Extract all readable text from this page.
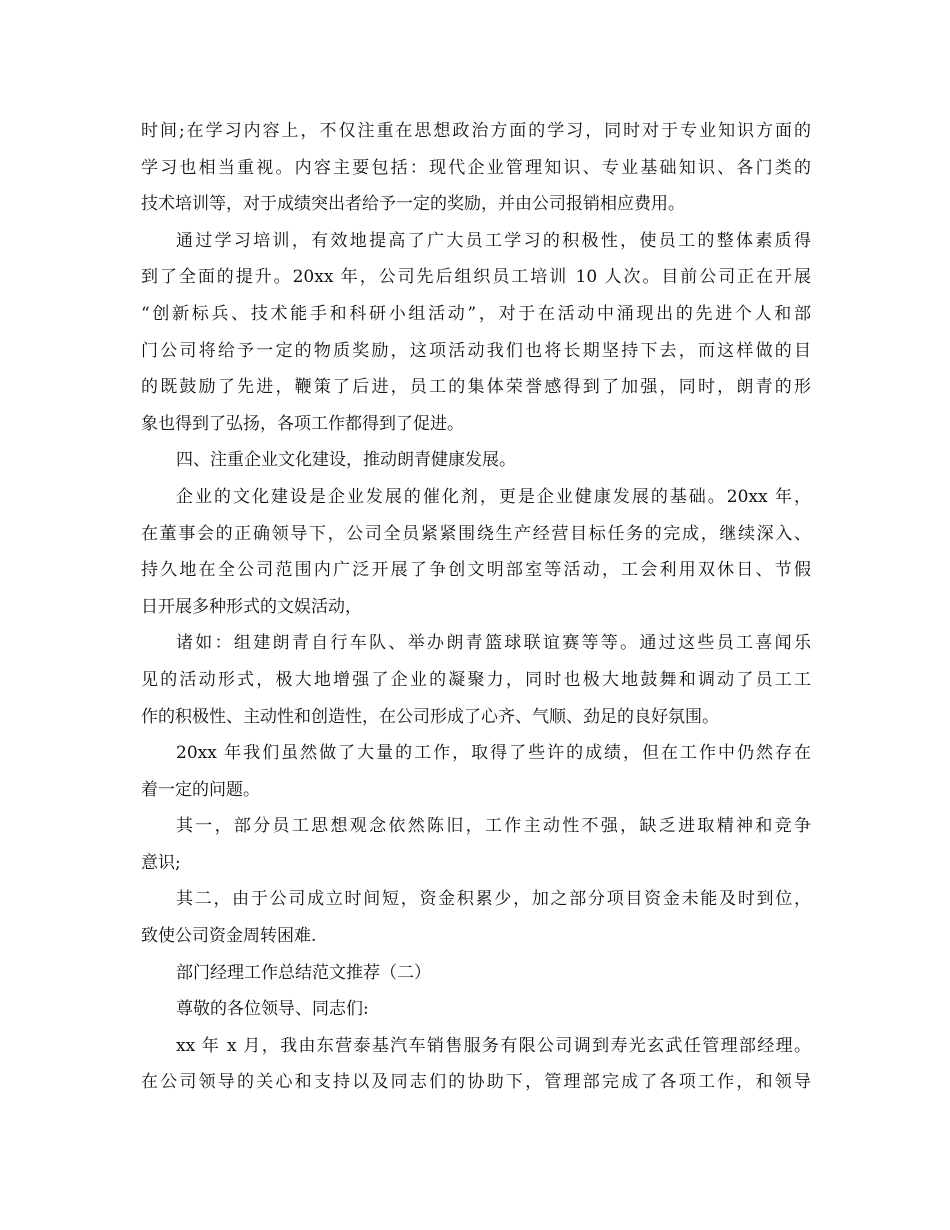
时间;在学习内容上，不仅注重在思想政治方面的学习，同时对于专业知识方面的
学习也相当重视。内容主要包括：现代企业管理知识、专业基础知识、各门类的
技术培训等，对于成绩突出者给予一定的奖励，并由公司报销相应费用。
通过学习培训，有效地提高了广大员工学习的积极性，使员工的整体素质得
到了全面的提升。20xx 年，公司先后组织员工培训 10 人次。目前公司正在开展
“创新标兵、技术能手和科研小组活动”，对于在活动中涌现出的先进个人和部
门公司将给予一定的物质奖励，这项活动我们也将长期坚持下去，而这样做的目
的既鼓励了先进，鞭策了后进，员工的集体荣誉感得到了加强，同时，朗青的形
象也得到了弘扬，各项工作都得到了促进。
四、注重企业文化建设，推动朗青健康发展。
企业的文化建设是企业发展的催化剂，更是企业健康发展的基础。20xx 年，
在董事会的正确领导下，公司全员紧紧围绕生产经营目标任务的完成，继续深入、
持久地在全公司范围内广泛开展了争创文明部室等活动，工会利用双休日、节假
日开展多种形式的文娱活动，
诸如：组建朗青自行车队、举办朗青篮球联谊赛等等。通过这些员工喜闻乐
见的活动形式，极大地增强了企业的凝聚力，同时也极大地鼓舞和调动了员工工
作的积极性、主动性和创造性，在公司形成了心齐、气顺、劲足的良好氛围。
20xx 年我们虽然做了大量的工作，取得了些许的成绩，但在工作中仍然存在
着一定的问题。
其一，部分员工思想观念依然陈旧，工作主动性不强，缺乏进取精神和竞争
意识;
其二，由于公司成立时间短，资金积累少，加之部分项目资金未能及时到位，
致使公司资金周转困难.
部门经理工作总结范文推荐（二）
尊敬的各位领导、同志们:
xx 年 x 月，我由东营泰基汽车销售服务有限公司调到寿光玄武任管理部经理。
在公司领导的关心和支持以及同志们的协助下，管理部完成了各项工作，和领导
